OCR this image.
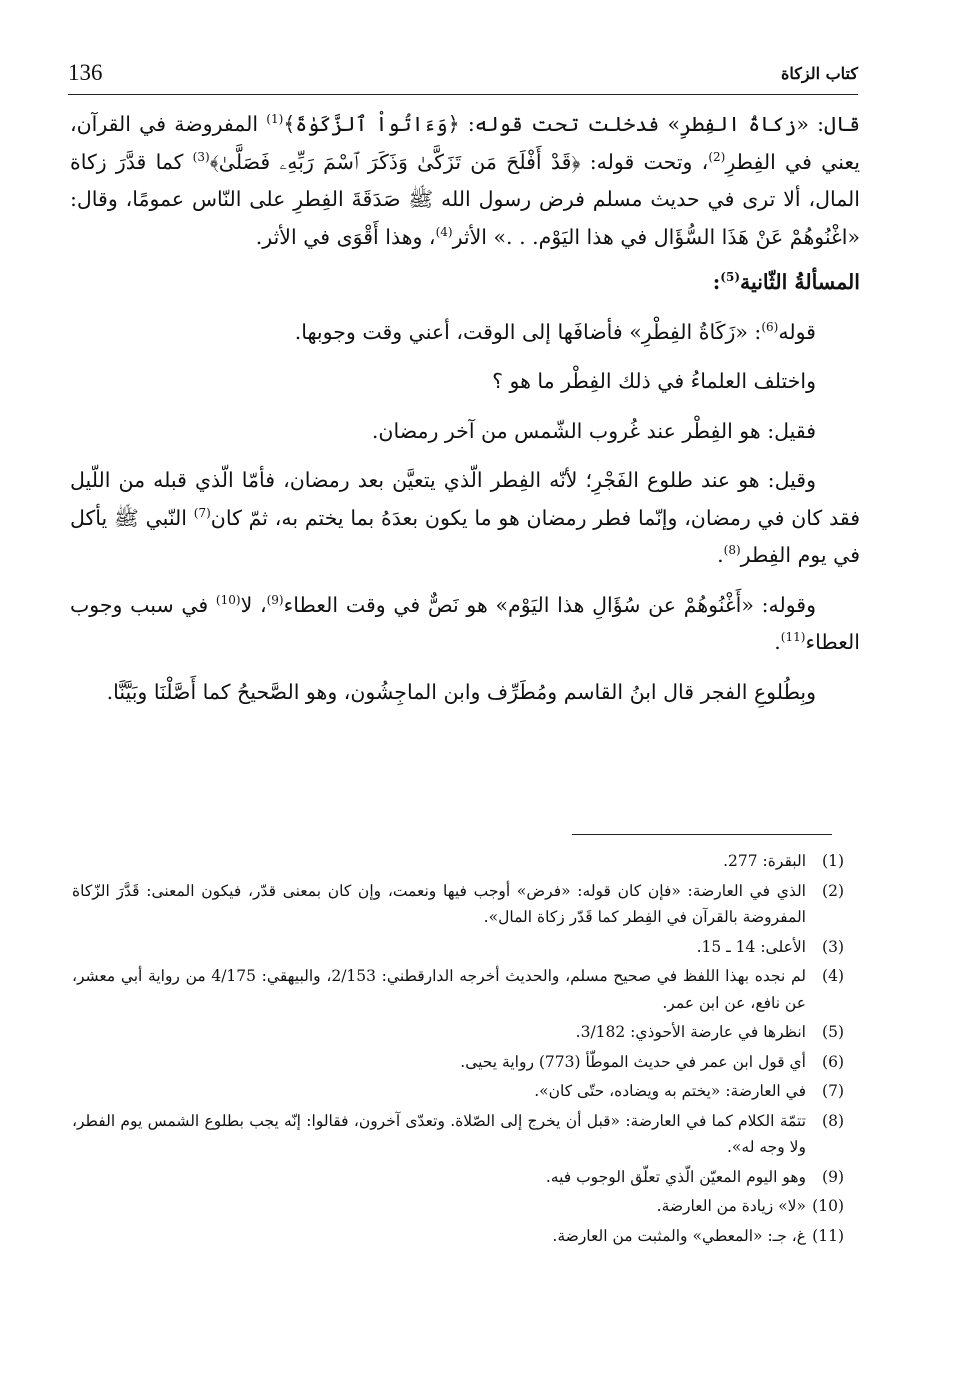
136	كتاب الزكاة

قال: «زكاةُ الفِطرِ» فدخلت تحت قوله: ﴿وَءَاتُواْ ٱلزَّكَوٰةَ﴾$^{(1)}$ المفروضة في القرآن، يعني في الفِطرِ$^{(2)}$، وتحت قوله: ﴿قَدْ أَفْلَحَ مَن تَزَكَّىٰ وَذَكَرَ ٱسْمَ رَبِّهِۦ فَصَلَّىٰ﴾$^{(3)}$ كما قدَّرَ زكاة المال، ألا ترى في حديث مسلم فرض رسول الله ﷺ صَدَقَةَ الفِطرِ على النّاس عمومًا، وقال: «اغْنُوهُمْ عَنْ هَذَا السُّؤَال في هذا اليَوْم. . .» الأثر$^{(4)}$، وهذا أَقْوَى في الأثر.

المسألةُ الثّانية$^{(5)}$:

قوله$^{(6)}$: «زَكَاةُ الفِطْرِ» فأضافَها إلى الوقت، أعني وقت وجوبها.

واختلف العلماءُ في ذلك الفِطْر ما هو ؟

فقيل: هو الفِطْر عند غُروب الشّمس من آخر رمضان.

وقيل: هو عند طلوع الفَجْرِ؛ لأنّه الفِطر الّذي يتعيَّن بعد رمضان، فأمّا الّذي قبله من اللّيل فقد كان في رمضان، وإنّما فطر رمضان هو ما يكون بعدَهُ بما يختم به، ثمّ كان$^{(7)}$ النّبي ﷺ يأكل في يوم الفِطر$^{(8)}$.

وقوله: «أَغْنُوهُمْ عن سُؤَالِ هذا اليَوْم» هو نَصٌّ في وقت العطاء$^{(9)}$، لا$^{(10)}$ في سبب وجوب العطاء$^{(11)}$.

وبِطُلوعِ الفجر قال ابنُ القاسم ومُطَرِّف وابن الماجِشُون، وهو الصَّحيحُ كما أَصَّلْنَا وبَيَّنَّا.

(1)
البقرة: 277.
(2)
الذي في العارضة: «فإن كان قوله: «فرض» أوجب فيها ونعمت، وإن كان بمعنى قدّر، فيكون المعنى: قَدَّرَ الزّكاة المفروضة بالقرآن في الفِطر كما قَدّر زكاة المال».
(3)
الأعلى: 14 ـ 15.
(4)
لم نجده بهذا اللفظ في صحيح مسلم، والحديث أخرجه الدارقطني: 2/153، والبيهقي: 4/175 من رواية أبي معشر، عن نافع، عن ابن عمر.
(5)
انظرها في عارضة الأحوذي: 3/182.
(6)
أي قول ابن عمر في حديث الموطّأ (773) رواية يحيى.
(7)
في العارضة: «يختم به ويضاده، حتّى كان».
(8)
تتمّة الكلام كما في العارضة: «قبل أن يخرج إلى الصّلاة. وتعدّى آخرون، فقالوا: إنّه يجب بطلوع الشمس يوم الفطر، ولا وجه له».
(9)
وهو اليوم المعيّن الّذي تعلّق الوجوب فيه.
(10)
«لا» زيادة من العارضة.
(11)
غ، جـ: «المعطي» والمثبت من العارضة.
